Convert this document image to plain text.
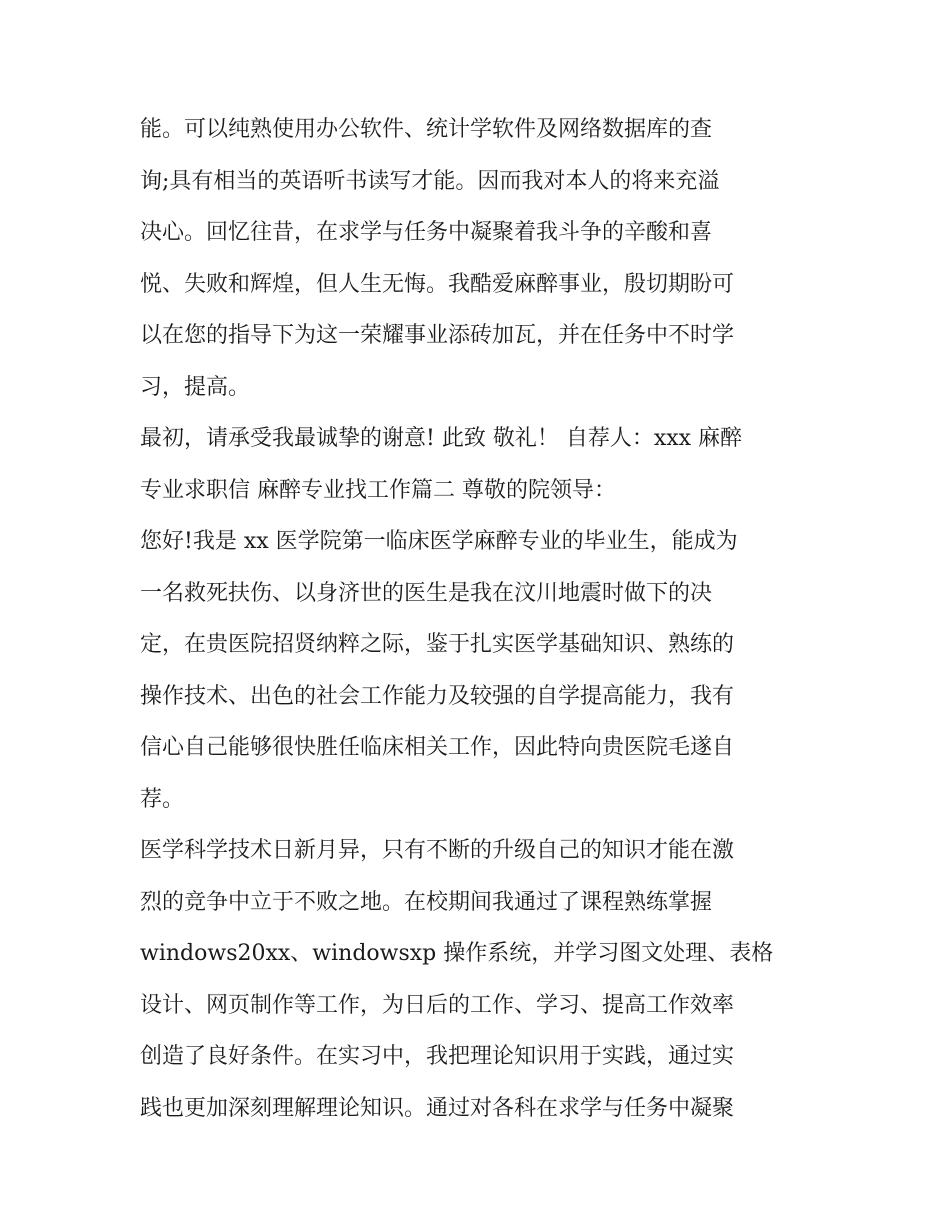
能。可以纯熟使用办公软件、统计学软件及网络数据库的查
询;具有相当的英语听书读写才能。因而我对本人的将来充溢
决心。回忆往昔，在求学与任务中凝聚着我斗争的辛酸和喜
悦、失败和辉煌，但人生无悔。我酷爱麻醉事业，殷切期盼可
以在您的指导下为这一荣耀事业添砖加瓦，并在任务中不时学
习，提高。
最初，请承受我最诚挚的谢意! 此致 敬礼！ 自荐人：xxx 麻醉
专业求职信 麻醉专业找工作篇二 尊敬的院领导：
您好!我是 xx 医学院第一临床医学麻醉专业的毕业生，能成为
一名救死扶伤、以身济世的医生是我在汶川地震时做下的决
定，在贵医院招贤纳粹之际，鉴于扎实医学基础知识、熟练的
操作技术、出色的社会工作能力及较强的自学提高能力，我有
信心自己能够很快胜任临床相关工作，因此特向贵医院毛遂自
荐。
医学科学技术日新月异，只有不断的升级自己的知识才能在激
烈的竞争中立于不败之地。在校期间我通过了课程熟练掌握
windows20xx、windowsxp 操作系统，并学习图文处理、表格
设计、网页制作等工作，为日后的工作、学习、提高工作效率
创造了良好条件。在实习中，我把理论知识用于实践，通过实
践也更加深刻理解理论知识。通过对各科在求学与任务中凝聚
